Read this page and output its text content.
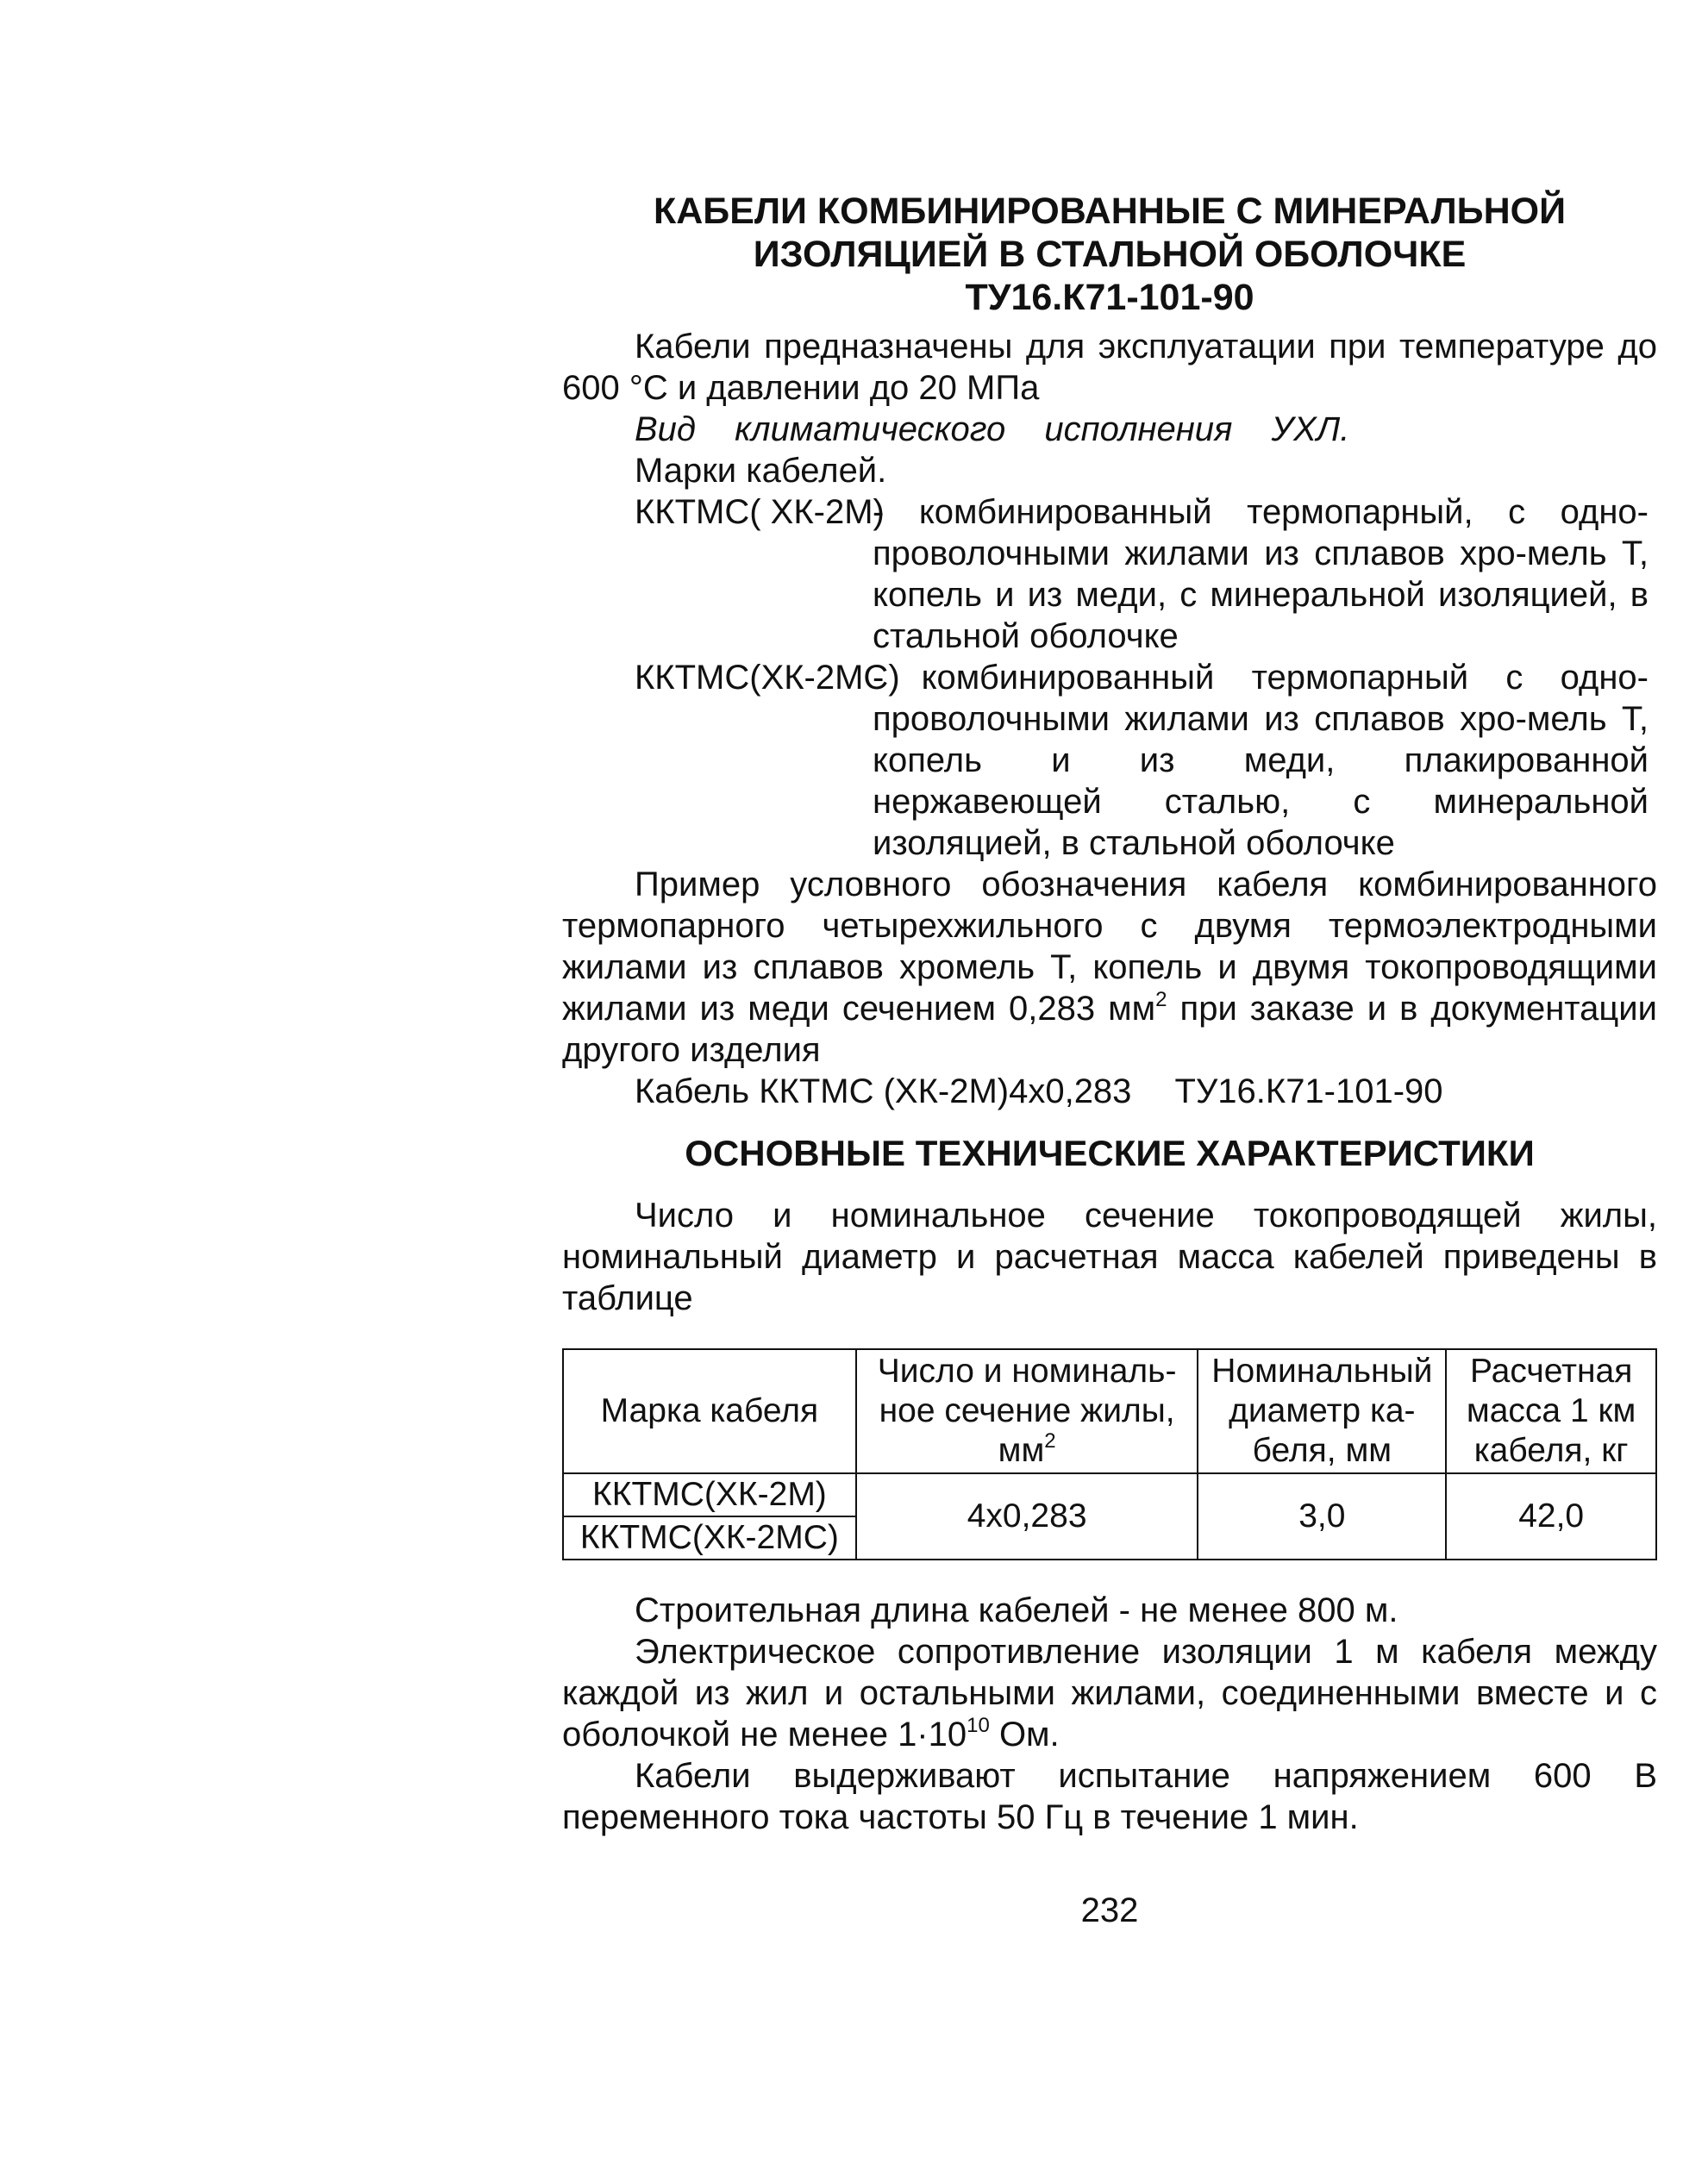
КАБЕЛИ КОМБИНИРОВАННЫЕ С МИНЕРАЛЬНОЙ
ИЗОЛЯЦИЕЙ В СТАЛЬНОЙ ОБОЛОЧКЕ
ТУ16.К71-101-90

Кабели предназначены для эксплуатации при температуре до 600 °С и давлении до 20 МПа

Вид климатического исполнения УХЛ.

Марки кабелей.

ККТМС( ХК-2М)
- комбинированный термопарный, с одно-проволочными жилами из сплавов хро-мель Т, копель и из меди, с минеральной изоляцией, в стальной оболочке
ККТМС(ХК-2МС)
- комбинированный термопарный с одно-проволочными жилами из сплавов хро-мель Т, копель и из меди, плакированной нержавеющей сталью, с минеральной изоляцией, в стальной оболочке

Пример условного обозначения кабеля комбинированного термопарного четырехжильного с двумя термоэлектродными жилами из сплавов хромель Т, копель и двумя токопроводящими жилами из меди сечением 0,283 $мм^2$ при заказе и в документации другого изделия

Кабель ККТМС (ХК-2М)4х0,283 ТУ16.К71-101-90

ОСНОВНЫЕ ТЕХНИЧЕСКИЕ ХАРАКТЕРИСТИКИ

Число и номинальное сечение токопроводящей жилы, номинальный диаметр и расчетная масса кабелей приведены в таблице

Марка кабеля	Число и номиналь-ное сечение жилы, $мм^2$	Номинальный диаметр ка-беля, мм	Расчетная масса 1 км кабеля, кг
ККТМС(ХК-2М)	4х0,283	3,0	42,0
ККТМС(ХК-2МС)			

Строительная длина кабелей - не менее 800 м.

Электрическое сопротивление изоляции 1 м кабеля между каждой из жил и остальными жилами, соединенными вместе и с оболочкой не менее $1\cdot 10^{10}$ Ом.

Кабели выдерживают испытание напряжением 600 В переменного тока частоты 50 Гц в течение 1 мин.

232
